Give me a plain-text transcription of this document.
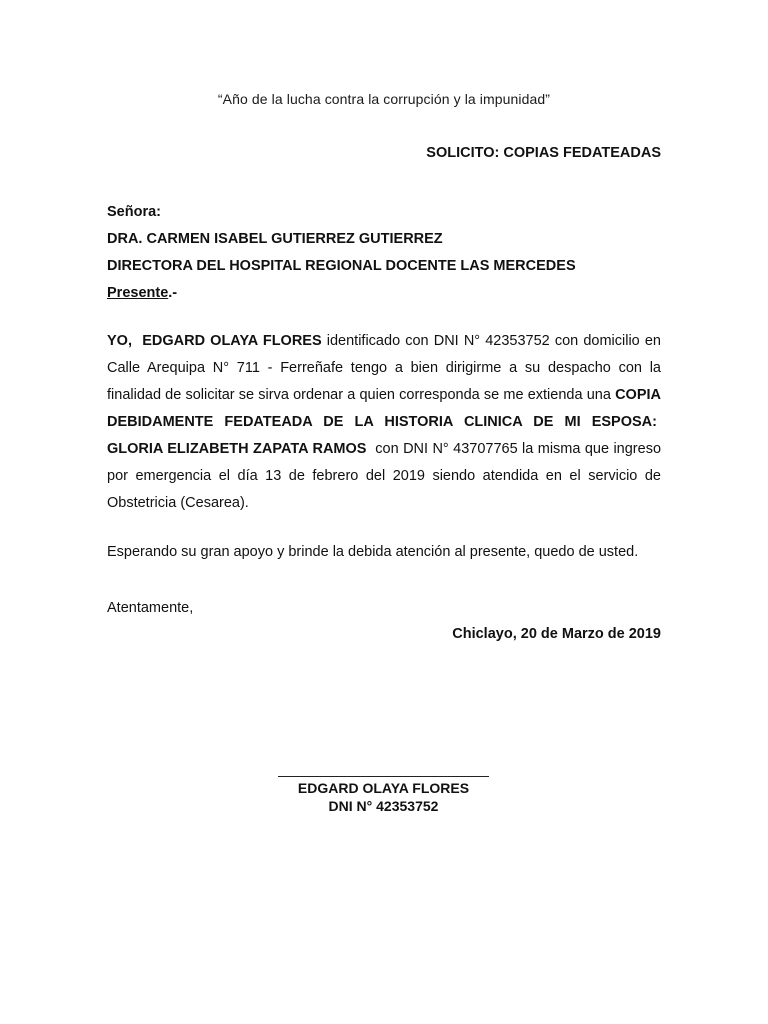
“Año de la lucha contra la corrupción y la impunidad”
SOLICITO: COPIAS FEDATEADAS
Señora:
DRA. CARMEN ISABEL GUTIERREZ GUTIERREZ
DIRECTORA DEL HOSPITAL REGIONAL DOCENTE LAS MERCEDES
Presente.-
YO, EDGARD OLAYA FLORES identificado con DNI N° 42353752 con domicilio en Calle Arequipa N° 711 - Ferreñafe tengo a bien dirigirme a su despacho con la finalidad de solicitar se sirva ordenar a quien corresponda se me extienda una COPIA DEBIDAMENTE FEDATEADA DE LA HISTORIA CLINICA DE MI ESPOSA:  GLORIA ELIZABETH ZAPATA RAMOS  con DNI N° 43707765 la misma que ingreso por emergencia el día 13 de febrero del 2019 siendo atendida en el servicio de Obstetricia (Cesarea).
Esperando su gran apoyo y brinde la debida atención al presente, quedo de usted.
Atentamente,
Chiclayo, 20 de Marzo de 2019
EDGARD OLAYA FLORES
DNI N° 42353752
